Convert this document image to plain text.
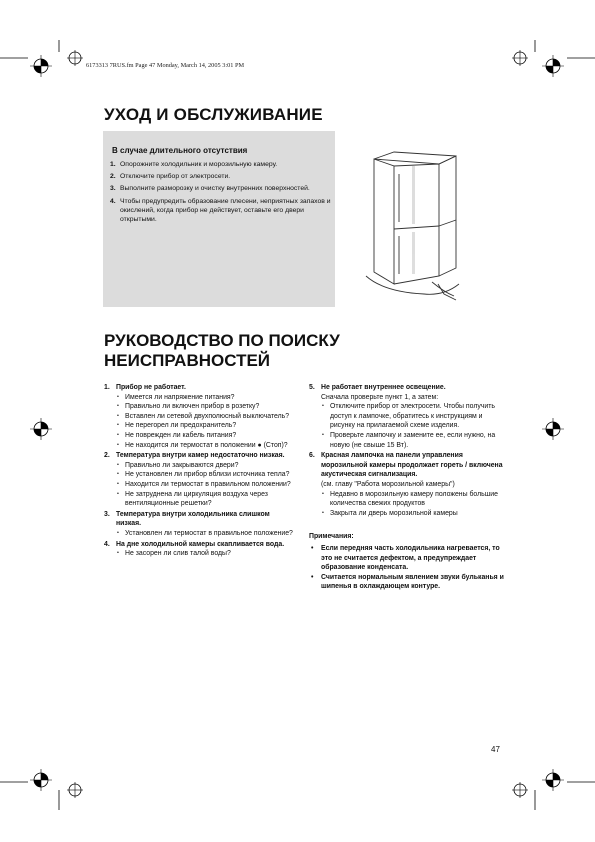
6173313 7RUS.fm Page 47 Monday, March 14, 2005 3:01 PM
УХОД И ОБСЛУЖИВАНИЕ
В случае длительного отсутствия
1. Опорожните холодильник и морозильную камеру.
2. Отключите прибор от электросети.
3. Выполните разморозку и очистку внутренних поверхностей.
4. Чтобы предупредить образование плесени, неприятных запахов и окислений, когда прибор не действует, оставьте его двери открытыми.
РУКОВОДСТВО ПО ПОИСКУ
НЕИСПРАВНОСТЕЙ
1. Прибор не работает.
• Имеется ли напряжение питания?
• Правильно ли включен прибор в розетку?
• Вставлен ли сетевой двухполюсный выключатель?
• Не перегорел ли предохранитель?
• Не поврежден ли кабель питания?
• Не находится ли термостат в положении ● (Стоп)?
2. Температура внутри камер недостаточно низкая.
• Правильно ли закрываются двери?
• Не установлен ли прибор вблизи источника тепла?
• Находится ли термостат в правильном положении?
• Не затруднена ли циркуляция воздуха через вентиляционные решетки?
3. Температура внутри холодильника слишком низкая.
• Установлен ли термостат в правильное положение?
4. На дне холодильной камеры скапливается вода.
• Не засорен ли слив талой воды?
5. Не работает внутреннее освещение.
Сначала проверьте пункт 1, а затем:
• Отключите прибор от электросети. Чтобы получить доступ к лампочке, обратитесь к инструкциям и рисунку на прилагаемой схеме изделия.
• Проверьте лампочку и замените ее, если нужно, на новую (не свыше 15 Вт).
6. Красная лампочка на панели управления морозильной камеры продолжает гореть / включена акустическая сигнализация.
(см. главу "Работа морозильной камеры")
• Недавно в морозильную камеру положены большие количества свежих продуктов
• Закрыта ли дверь морозильной камеры
Примечания:
• Если передняя часть холодильника нагревается, то это не считается дефектом, а предупреждает образование конденсата.
• Считается нормальным явлением звуки бульканья и шипенья в охлаждающем контуре.
47
